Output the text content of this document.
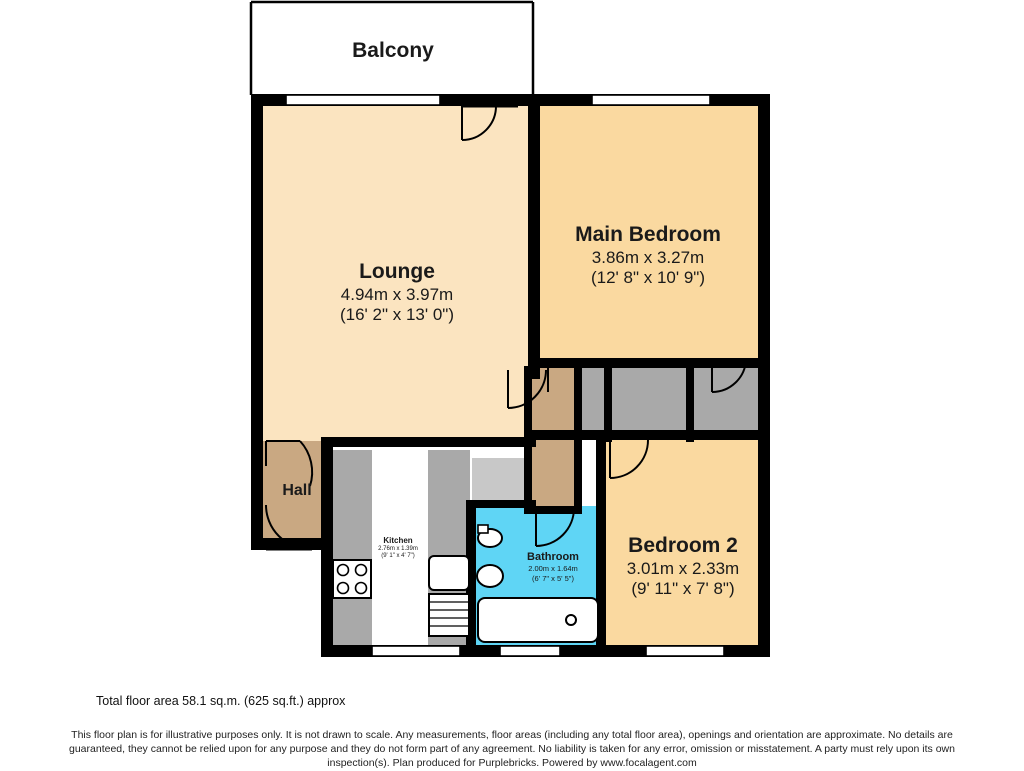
Balcony
Lounge
4.94m x 3.97m
(16' 2" x 13' 0")
Main Bedroom
3.86m x 3.27m
(12' 8" x 10' 9")
Bedroom 2
3.01m x 2.33m
(9' 11" x 7' 8")
Bathroom
2.00m x 1.64m
(6' 7" x 5' 5")
Kitchen
2.76m x 1.39m
(9' 1" x 4' 7")
Hall
Total floor area 58.1 sq.m. (625 sq.ft.) approx
This floor plan is for illustrative purposes only. It is not drawn to scale. Any measurements, floor areas (including any total floor area), openings and orientation are approximate. No details are guaranteed, they cannot be relied upon for any purpose and they do not form part of any agreement. No liability is taken for any error, omission or misstatement. A party must rely upon its own inspection(s). Plan produced for Purplebricks. Powered by www.focalagent.com
